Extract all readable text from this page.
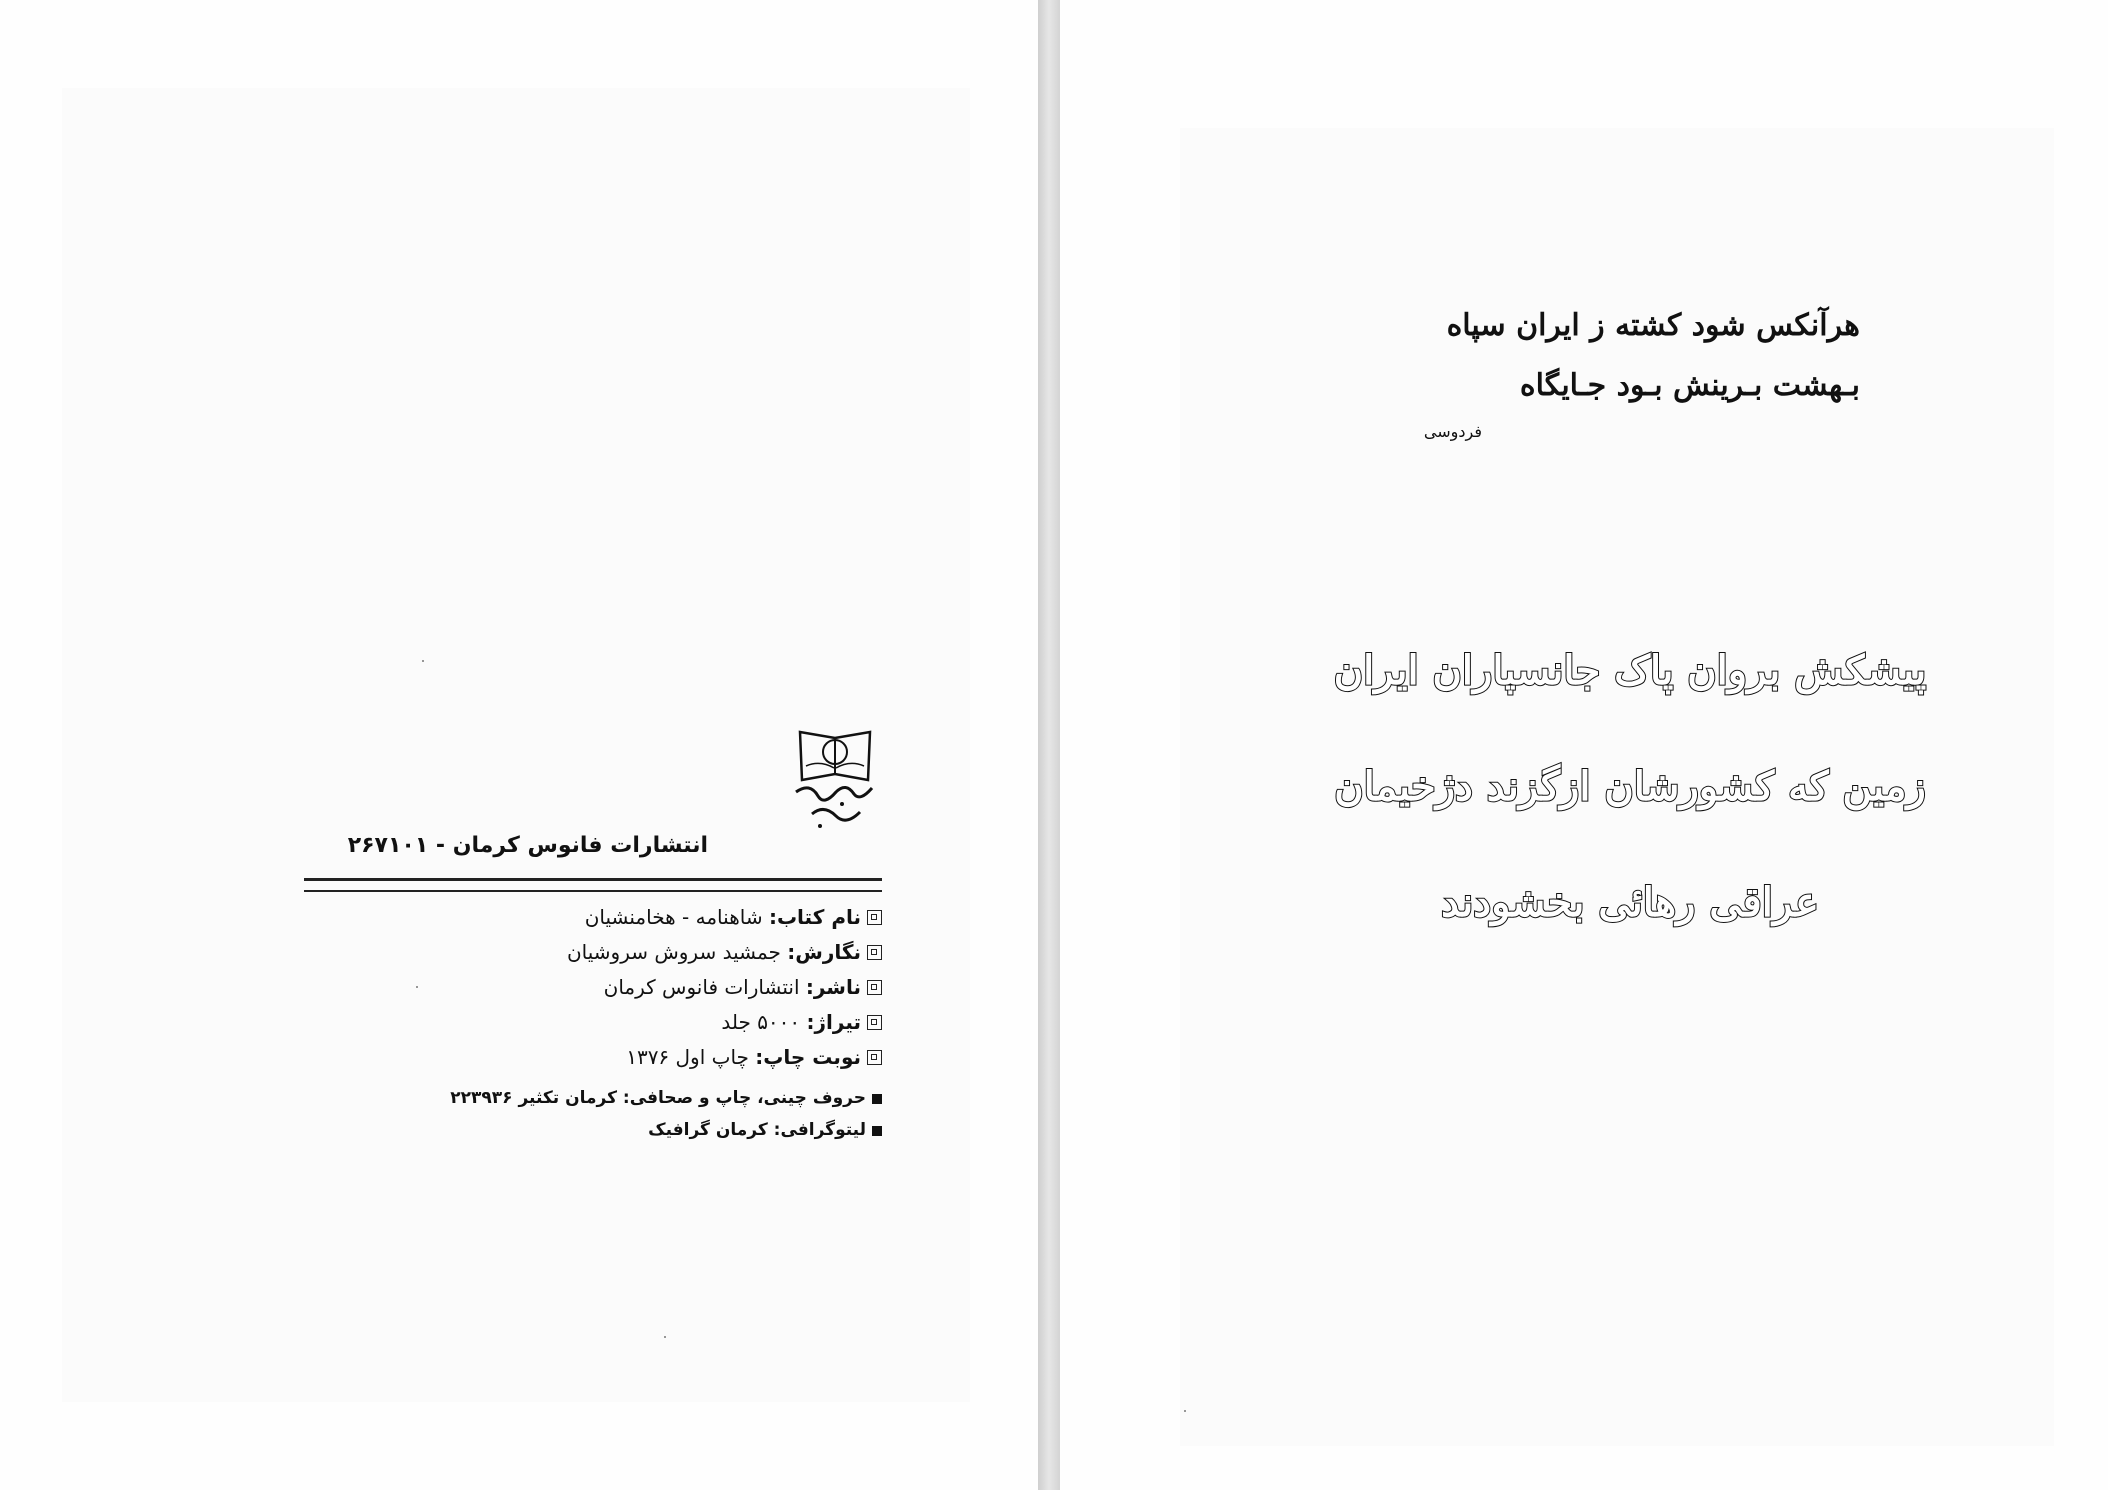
انتشارات فانوس کرمان - ۲۶۷۱۰۱
نام کتاب: شاهنامه - هخامنشیان
نگارش: جمشید سروش سروشیان
ناشر: انتشارات فانوس کرمان
تیراژ: ۵۰۰۰ جلد
نوبت چاپ: چاپ اول ۱۳۷۶
حروف چینی، چاپ و صحافی: کرمان تکثیر ۲۲۳۹۳۶
لیتوگرافی: کرمان گرافیک
هرآنکس شود کشته ز ایران سپاه
بـهشت بـرینش بـود جـایگاه
فردوسی
پیشکش بروان پاک جانسپاران ایران
زمین که کشورشان ازگزند دژخیمان
عراقی رهائی بخشودند
